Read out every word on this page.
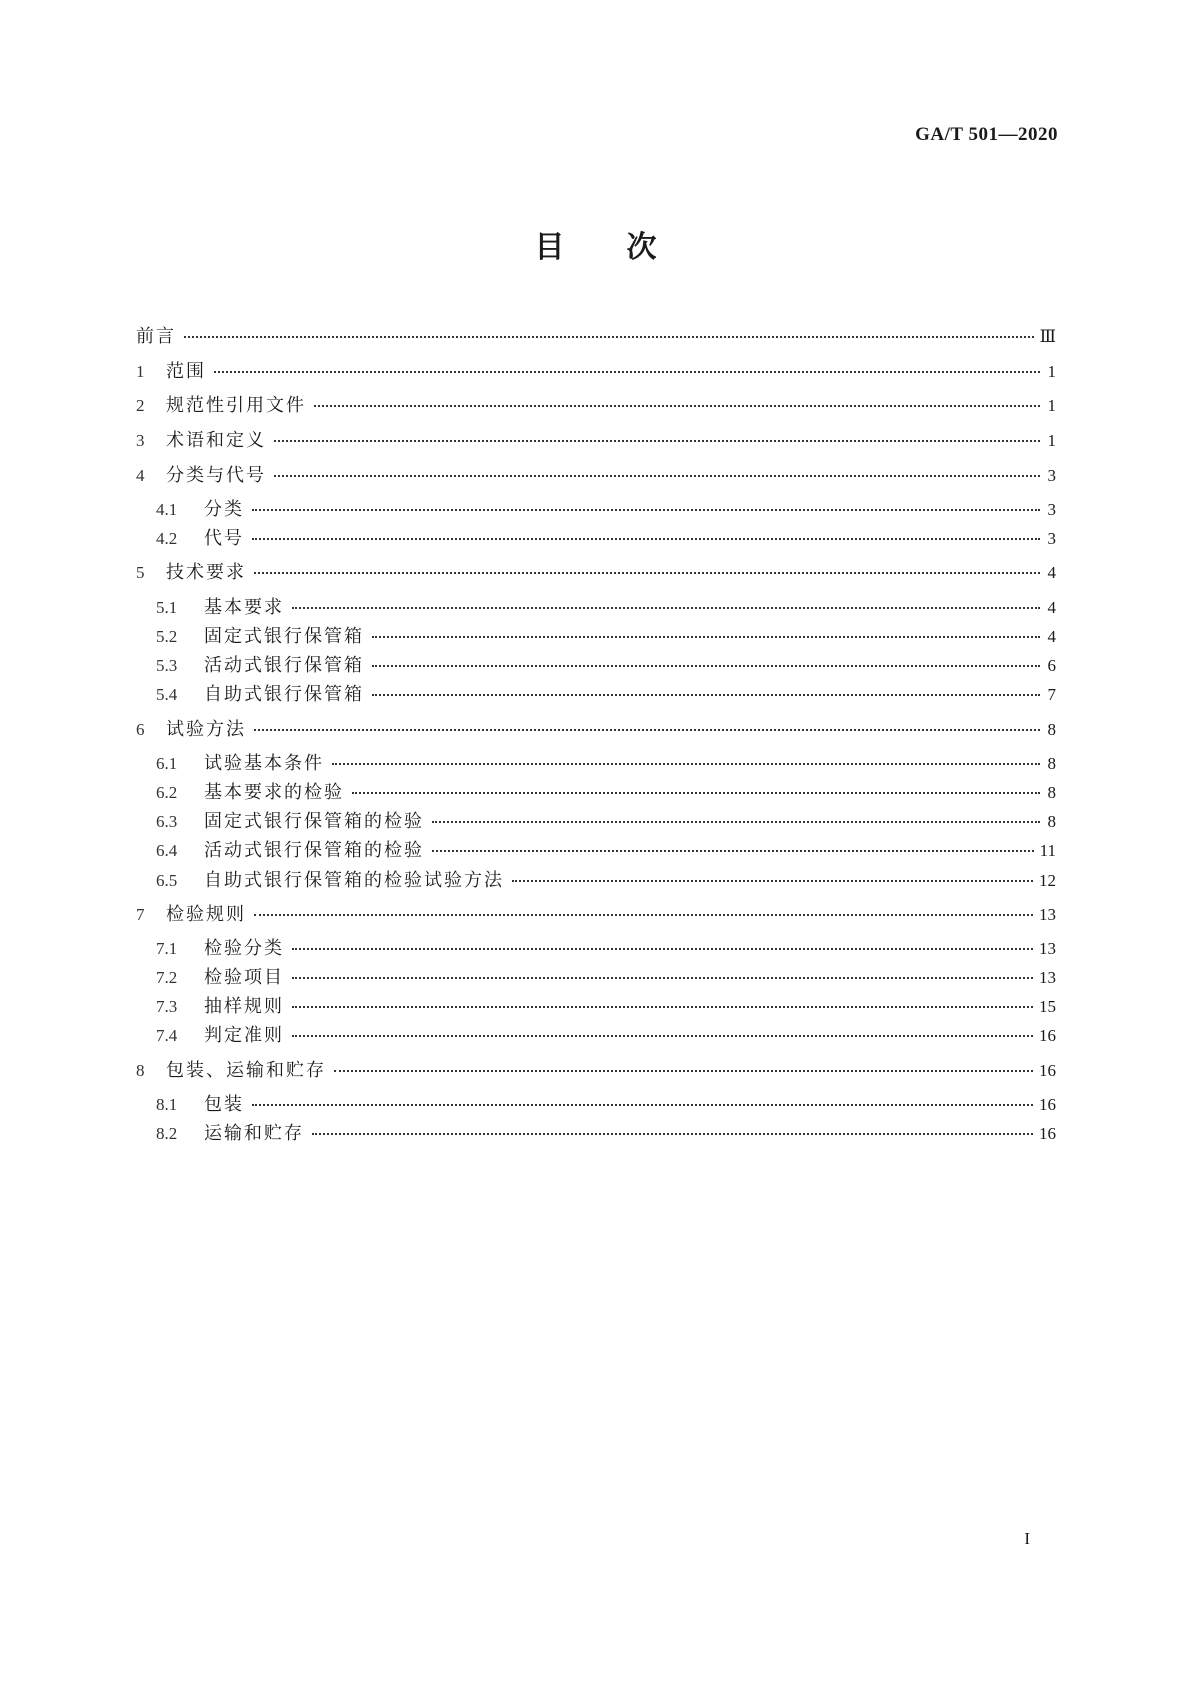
GA/T 501—2020
目 次
前言	Ⅲ
1	范围	1
2	规范性引用文件	1
3	术语和定义	1
4	分类与代号	3
4.1	分类	3
4.2	代号	3
5	技术要求	4
5.1	基本要求	4
5.2	固定式银行保管箱	4
5.3	活动式银行保管箱	6
5.4	自助式银行保管箱	7
6	试验方法	8
6.1	试验基本条件	8
6.2	基本要求的检验	8
6.3	固定式银行保管箱的检验	8
6.4	活动式银行保管箱的检验	11
6.5	自助式银行保管箱的检验试验方法	12
7	检验规则	13
7.1	检验分类	13
7.2	检验项目	13
7.3	抽样规则	15
7.4	判定准则	16
8	包装、运输和贮存	16
8.1	包装	16
8.2	运输和贮存	16
I
